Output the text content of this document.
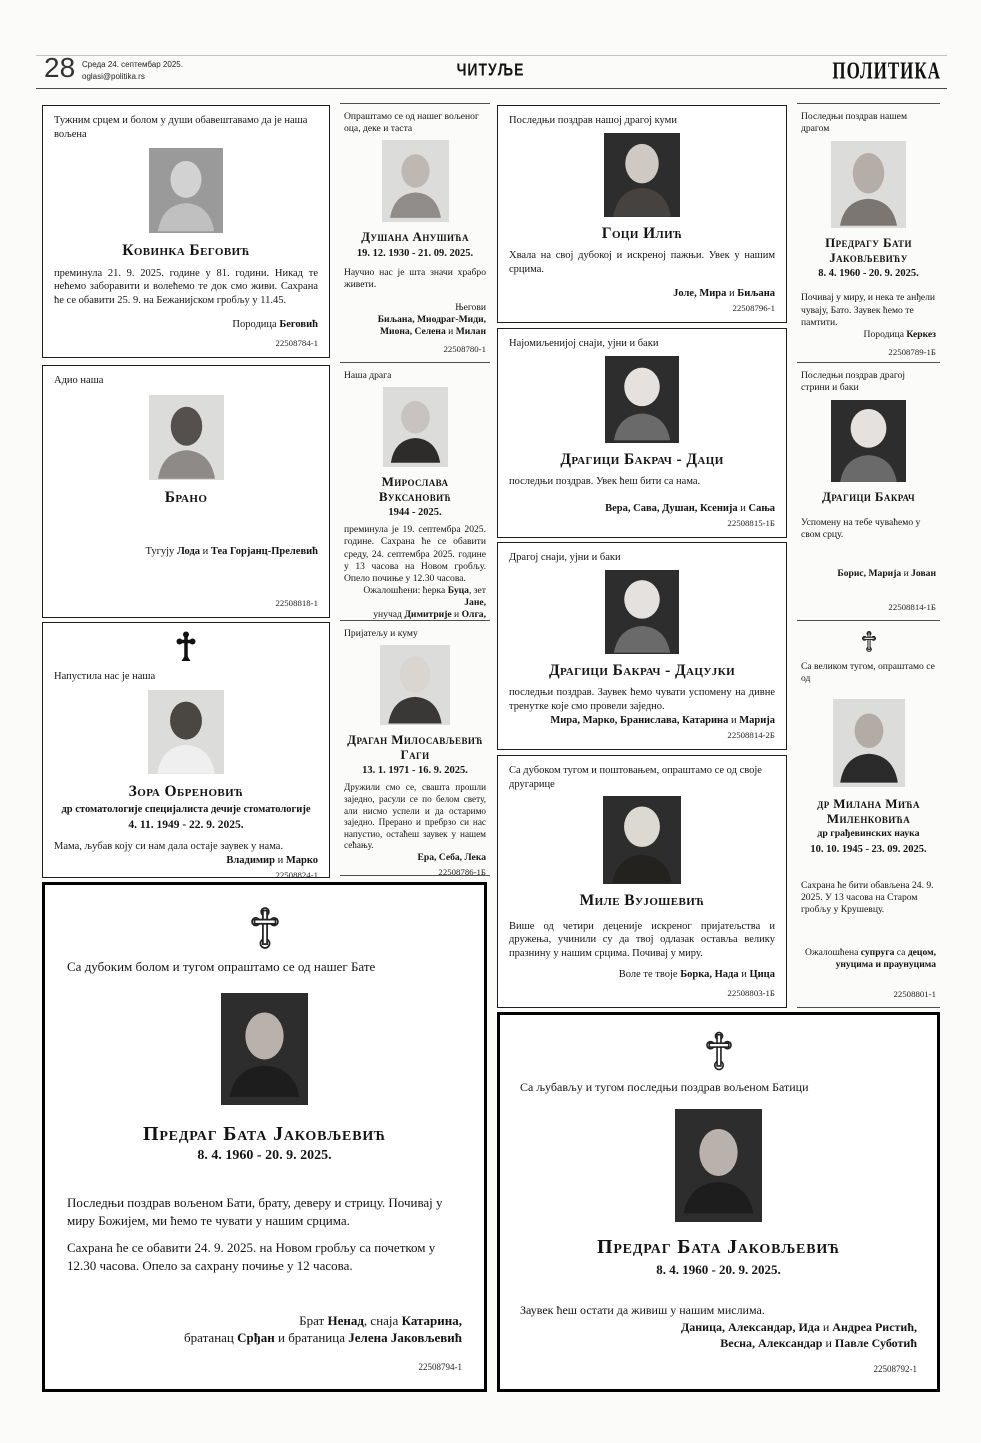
28 Среда 24. септембар 2025.
oglasi@politika.rs	ЧИТУЉЕ	ПОЛИТИКА
Тужним срцем и болом у души обавештавамо да је наша вољена
Ковинка Беговић
преминула 21. 9. 2025. године у 81. години. Никад те нећемо заборавити и волећемо те док смо живи. Сахрана ће се обавити 25. 9. на Бежанијском гробљу у 11.45.
Породица Беговић
22508784-1
Адио наша
Брано
Тугују Лода и Теа Горјанц-Прелевић
22508818-1
Напустила нас је наша
Зора Обреновић
др стоматологије специјалиста дечије стоматологије
4. 11. 1949 - 22. 9. 2025.
Мама, љубав коју си нам дала остаје заувек у нама.
Владимир и Марко
22508824-1
Са дубоким болом и тугом опраштамо се од нашег Бате
Предраг Бата Јаковљевић
8. 4. 1960 - 20. 9. 2025.
Последњи поздрав вољеном Бати, брату, деверу и стрицу. Почивај у миру Божијем, ми ћемо те чувати у нашим срцима.
Сахрана ће се обавити 24. 9. 2025. на Новом гробљу са почетком у 12.30 часова. Опело за сахрану почиње у 12 часова.
Брат Ненад, снаја Катарина,
братанац Срђан и братаница Јелена Јаковљевић
22508794-1
Опраштамо се од нашег вољеног оца, деке и таста
Душана Анушића
19. 12. 1930 - 21. 09. 2025.
Научио нас је шта значи храбро живети.
Његови
Биљана, Миодраг-Миди,
Миона, Селена и Милан
22508780-1
Наша драга
Мирослава Вуксановић
1944 - 2025.
преминула је 19. септембра 2025. године. Сахрана ће се обавити среду, 24. септембра 2025. године у 13 часова на Новом гробљу. Опело почиње у 12.30 часова.
Ожалошћени: ћерка Буца, зет Јане,
унучад Димитрије и Олга,

Пријатељу и куму
Драган Милосављевић Гаги
13. 1. 1971 - 16. 9. 2025.
Дружили смо се, свашта прошли заједно, расули се по белом свету, али нисмо успели и да остаримо заједно. Прерано и пребрзо си нас напустио, остаћеш заувек у нашем сећању.
Ера, Себа, Лека
22508786-1Б
Последњи поздрав нашој драгој куми
Гоци Илић
Хвала на свој дубокој и искреној пажњи. Увек у нашим срцима.
Јоле, Мира и Биљана
22508796-1
Најомиљенијој снаји, ујни и баки
Драгици Бакрач - Даци
последњи поздрав. Увек ћеш бити са нама.
Вера, Сава, Душан, Ксенија и Сања
22508815-1Б
Драгој снаји, ујни и баки
Драгици Бакрач - Дацујки
последњи поздрав. Заувек ћемо чувати успомену на дивне тренутке које смо провели заједно.
Мира, Марко, Бранислава, Катарина и Марија
22508814-2Б
Са дубоком тугом и поштовањем, опраштамо се од своје другарице
Миле Вујошевић
Више од четири деценије искреног пријатељства и дружења, учинили су да твој одлазак оставља велику празнину у нашим срцима. Почивај у миру.
Воле те твоје Борка, Нада и Цица
22508803-1Б
Са љубављу и тугом последњи поздрав вољеном Батици
Предраг Бата Јаковљевић
8. 4. 1960 - 20. 9. 2025.
Заувек ћеш остати да живиш у нашим мислима.
Даница, Александар, Ида и Андреа Ристић,
Весна, Александар и Павле Суботић
22508792-1
Последњи поздрав нашем драгом
Предрагу Бати Јаковљевићу
8. 4. 1960 - 20. 9. 2025.
Почивај у миру, и нека те анђели чувају, Бато. Заувек ћемо те памтити.
Породица Керкез
22508789-1Б
Последњи поздрав драгој стрини и баки
Драгици Бакрач
Успомену на тебе чуваћемо у свом срцу.
Борис, Марија и Јован
22508814-1Б
Са великом тугом, опраштамо се од
др Милана Мића Миленковића
др грађевинских наука
10. 10. 1945 - 23. 09. 2025.
Сахрана ће бити обављена 24. 9. 2025. У 13 часова на Старом гробљу у Крушевцу.
Ожалошћена супруга са децом,
унуцима и праунуцима
22508801-1
